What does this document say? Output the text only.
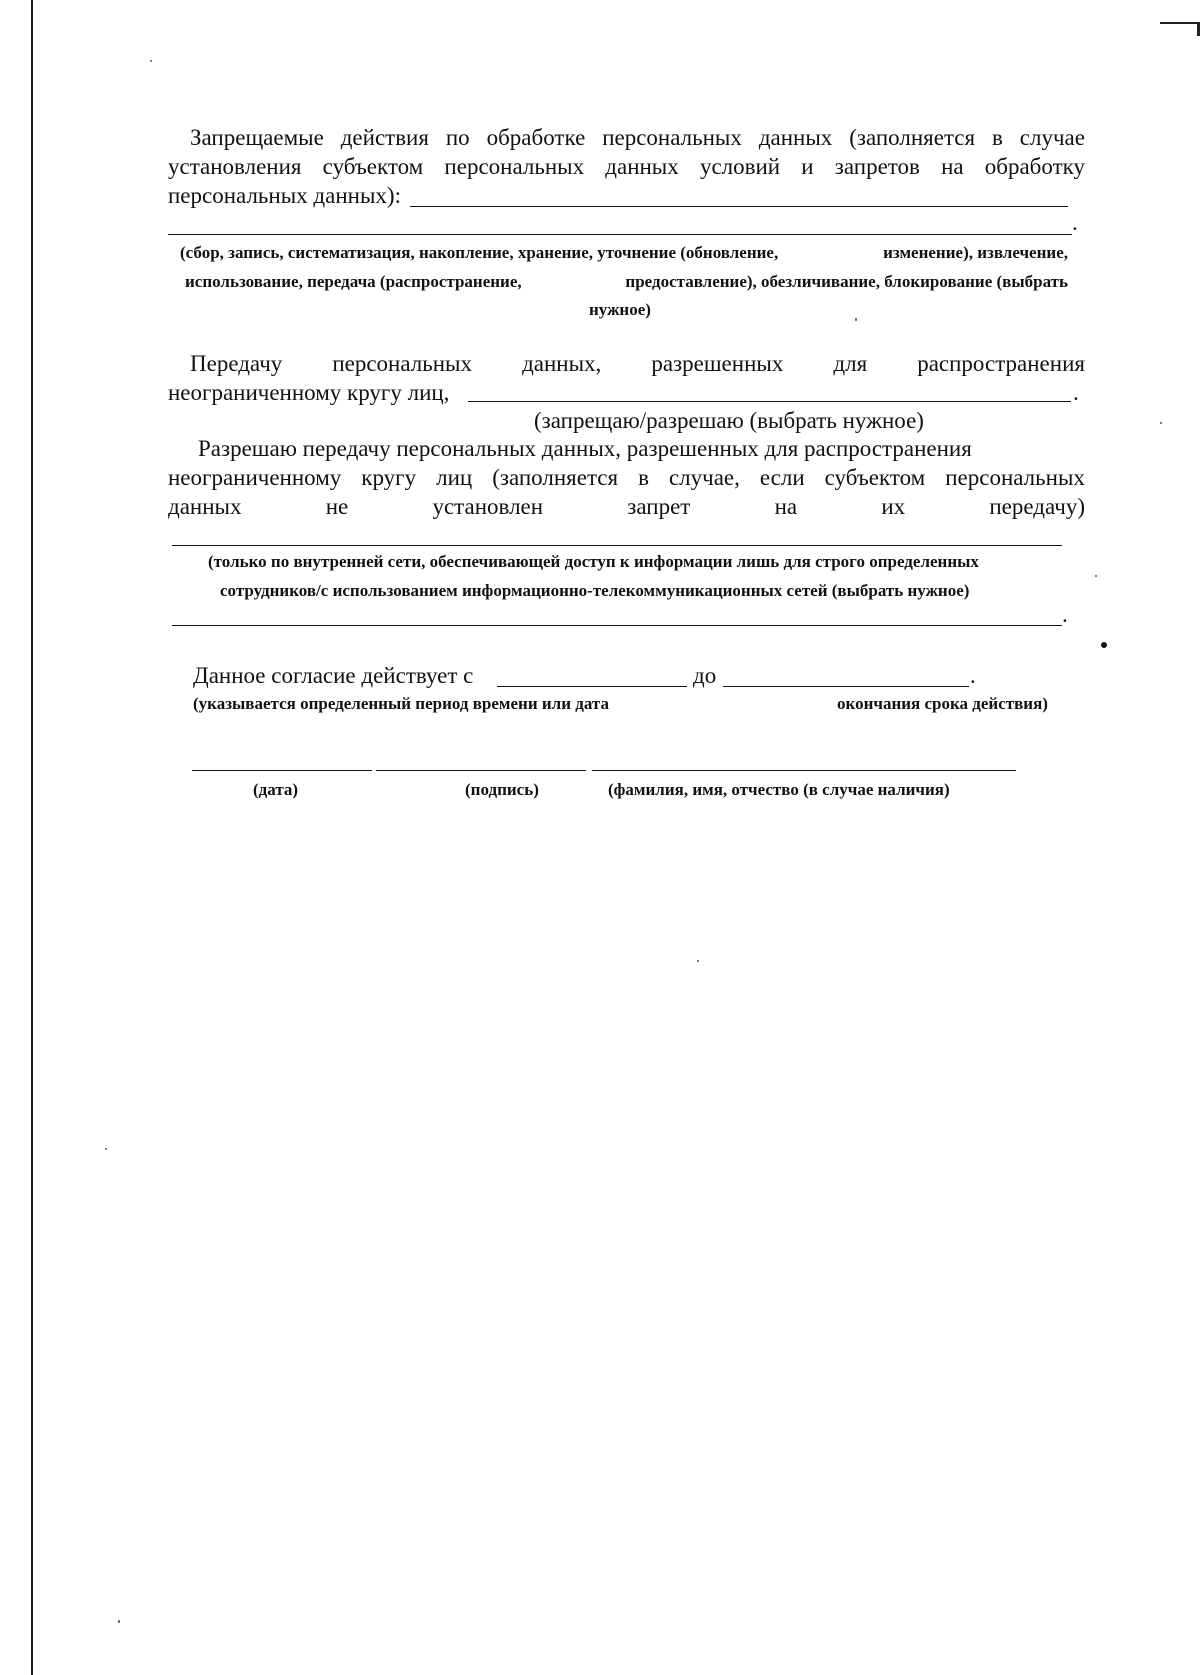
Запрещаемые действия по обработке персональных данных (заполняется в случае
установления субъектом персональных данных условий и запретов на обработку
персональных данных):
.
(сбор, запись, систематизация, накопление, хранение, уточнение (обновление,	изменение), извлечение,
использование, передача (распространение,	предоставление), обезличивание, блокирование (выбрать
нужное)
Передачу персональных данных, разрешенных для распространения
неограниченному кругу лиц,	.
(запрещаю/разрешаю (выбрать нужное)
Разрешаю передачу персональных данных, разрешенных для распространения
неограниченному кругу лиц (заполняется в случае, если субъектом персональных
данных	не	установлен	запрет	на	их	передачу)
(только по внутренней сети, обеспечивающей доступ к информации лишь для строго определенных
сотрудников/с использованием информационно-телекоммуникационных сетей (выбрать нужное)
.
Данное согласие действует с	до	.
(указывается определенный период времени или дата	окончания срока действия)
(дата)	(подпись)	(фамилия, имя, отчество (в случае наличия)
